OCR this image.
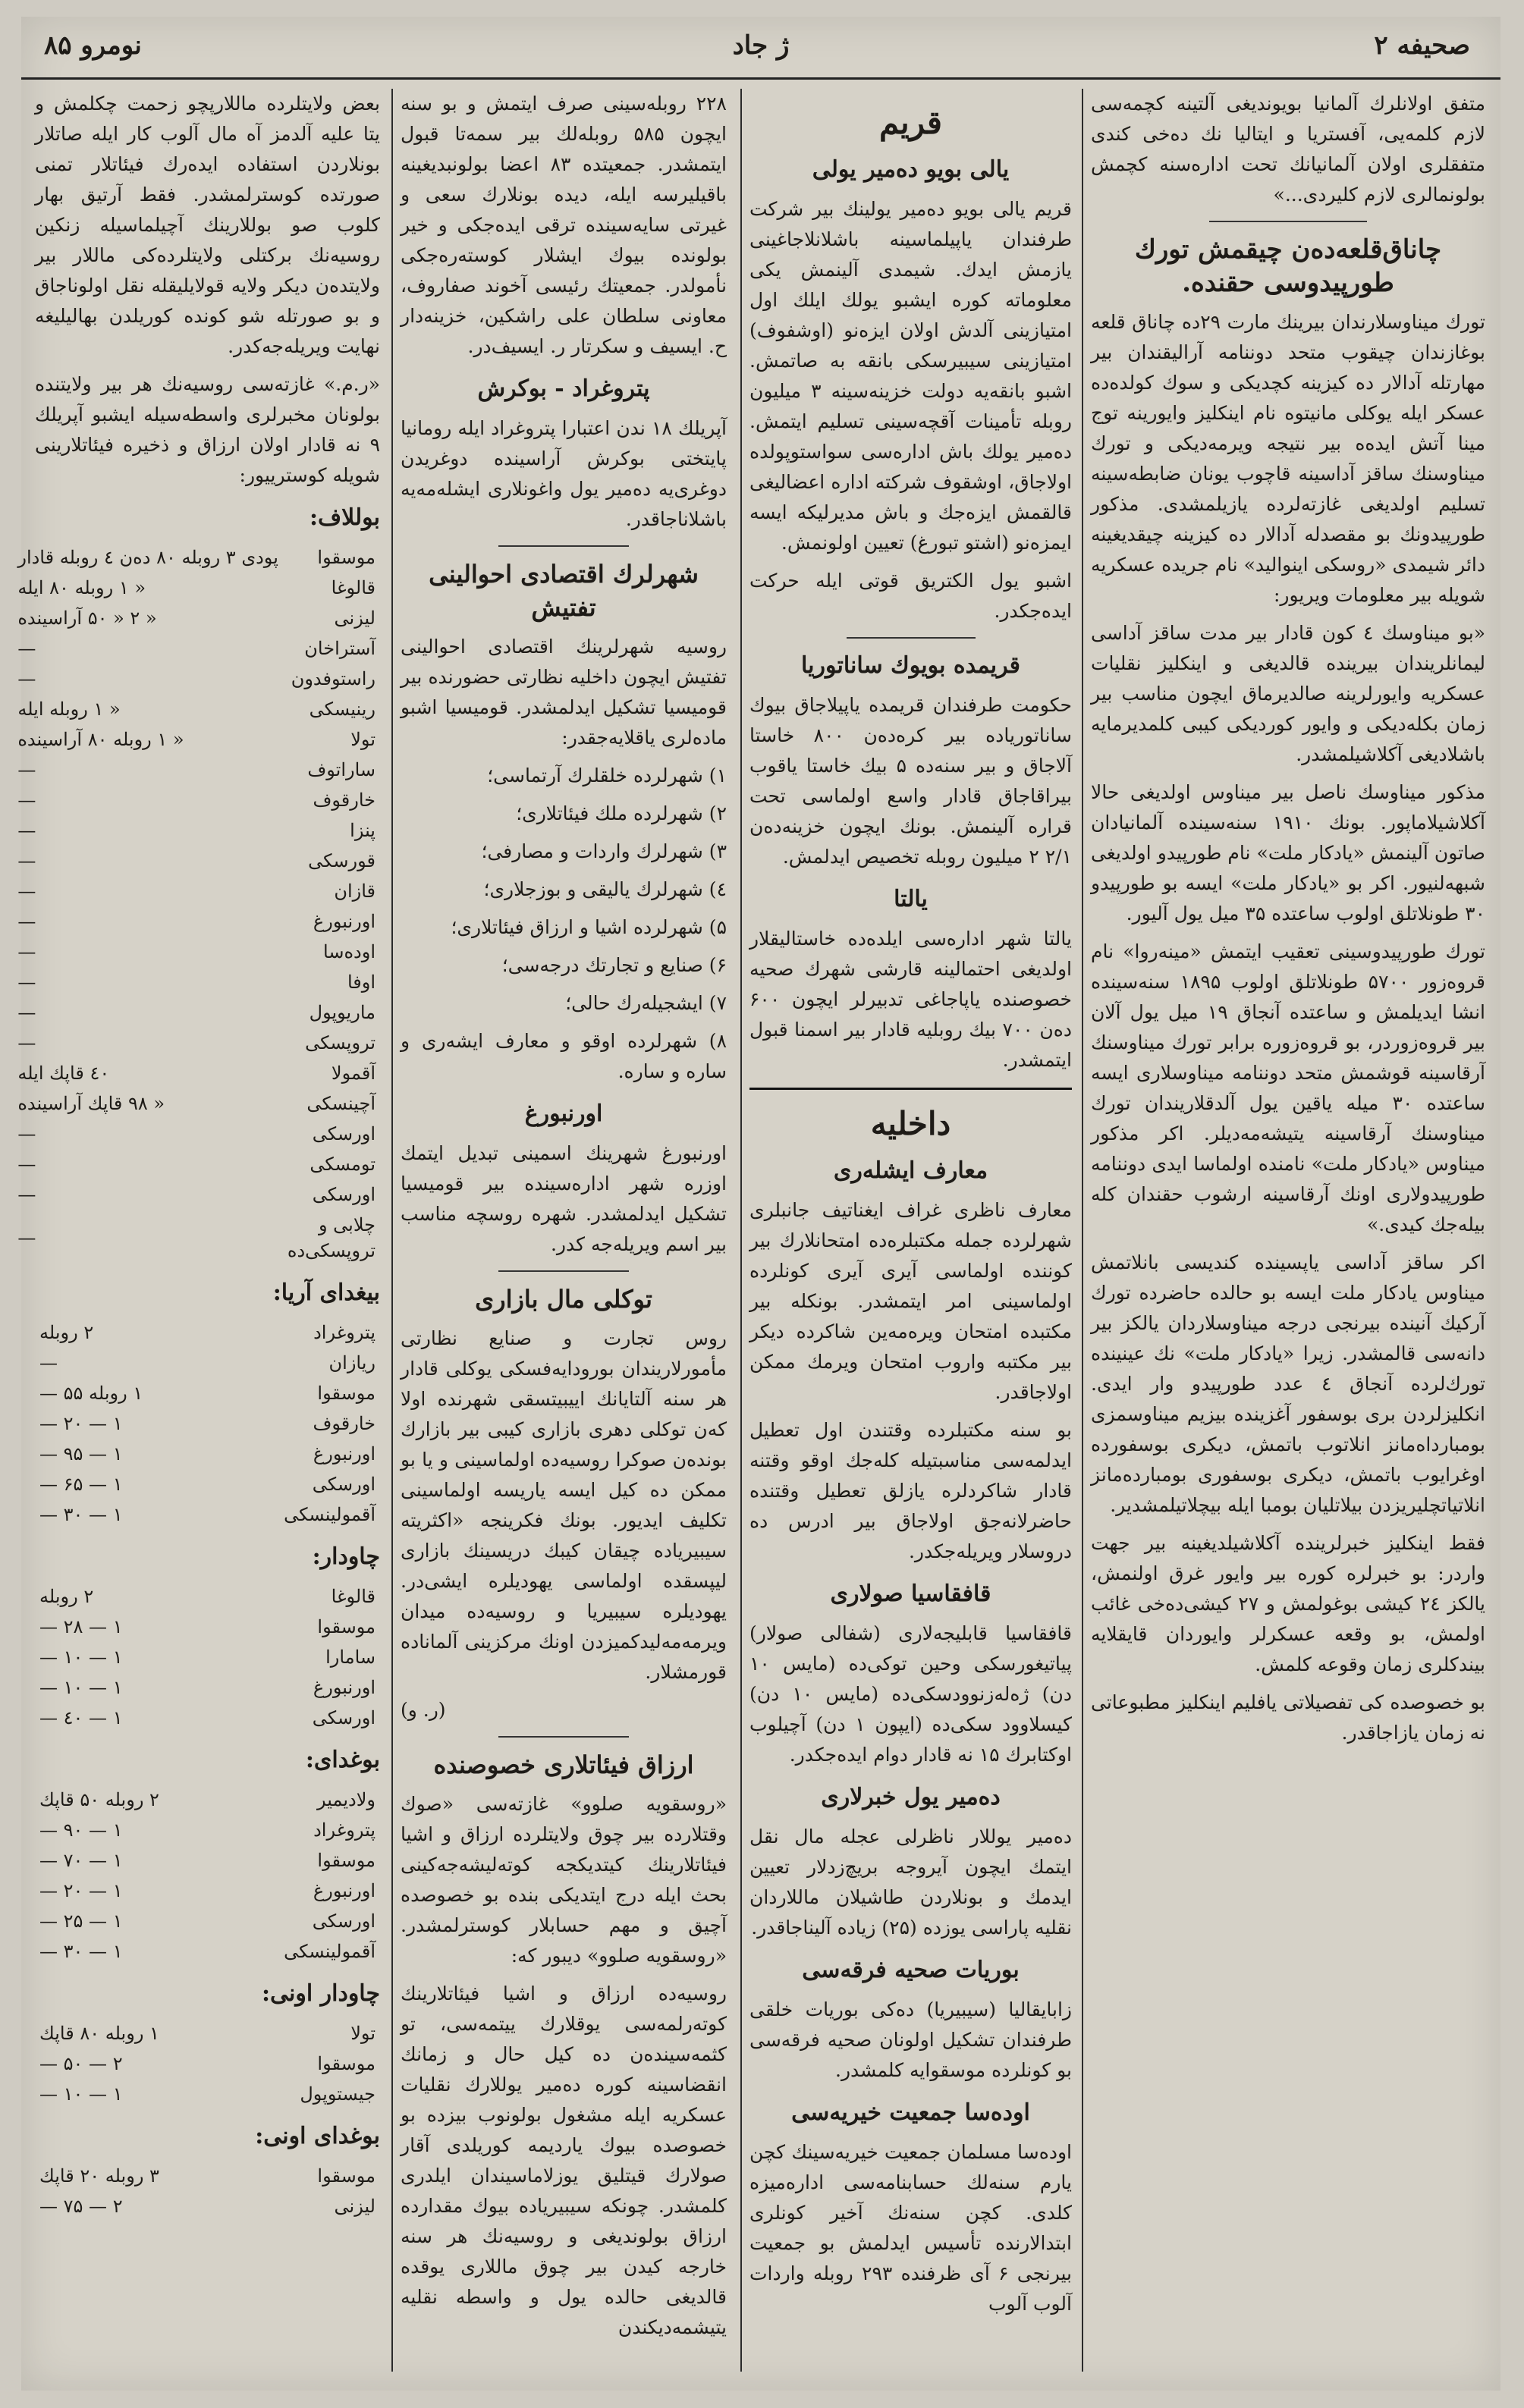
نومرو ۸۵	ژ جاد	صحیفه ۲

متفق اولانلرك آلمانیا بویوندیغی آلتینه كچمه‌سی لازم كلمه‌یی، آفستریا و ایتالیا نك ده‌خی كندی متفقلری اولان آلمانیانك تحت اداره‌سنه كچمش بولونمالری لازم كلیردی...»

چاناق‌قلعه‌ده‌ن چیقمش تورك طورپیدوسی حقنده.

تورك میناوسلارندان بیرینك مارت ۲۹ده چاناق قلعه بوغازندان چیقوب متحد دوننامه آرالیقندان بیر مهارتله آدالار ده كیزینه كچدیكی و سوك كولده‌ده عسكر ایله یوكلی مانیتوه نام اینكلیز وایورینه توج مینا آتش ایده‌ه بیر نتیجه ویرمه‌دیكی و تورك میناوسنك ساقز آداسینه قاچوب یونان ضابطه‌سینه تسلیم اولدیغی غازته‌لرده یازیلمشدی. مذكور طورپیدونك بو مقصدله آدالار ده كیزینه چیقدیغینه دائر شیمدی «روسكی اینوالید» نام جریده عسكریه شویله بیر معلومات ویریور:

«بو میناوسك ٤ كون قادار بیر مدت ساقز آداسی لیمانلریندان بیرینده قالدیغی و اینكلیز نقلیات عسكریه وایورلرینه صالدیرماق ایچون مناسب بیر زمان بكله‌دیكی و وایور كوردیكی كیبی كلمدیرمایه باشلادیغی آكلاشیلمشدر.

مذكور میناوسك ناصل بیر میناوس اولدیغی حالا آكلاشیلاماپور. بونك ۱۹۱۰ سنه‌سینده آلمانیادان صاتون آلینمش «یادكار ملت» نام طورپیدو اولدیغی شبهه‌لنیور. اكر بو «یادكار ملت» ایسه بو طورپیدو ۳۰ طونلاتلق اولوب ساعتده ۳۵ میل یول آلیور.

تورك طورپیدوسینی تعقیب ایتمش «مینه‌روا» نام قروه‌زور ۵۷۰۰ طونلاتلق اولوب ۱۸۹۵ سنه‌سینده انشا ایدیلمش و ساعتده آنجاق ۱۹ میل یول آلان بیر قروه‌زوردر، بو قروه‌زوره برابر تورك میناوسنك آرقاسینه قوشمش متحد دوننامه میناوسلاری ایسه ساعتده ۳۰ میله یاقین یول آلدقلاریندان تورك میناوسنك آرقاسینه یتیشه‌مه‌دیلر. اكر مذكور میناوس «یادكار ملت» نامنده اولماسا ایدی دوننامه طورپیدولاری اونك آرقاسینه ارشوب حقندان كله بیله‌جك كیدی.»

اكر ساقز آداسی یاپسینده كندیسی بانلاتمش میناوس یادكار ملت ایسه بو حالده حاضرده تورك آركیك آنینده بیرنجی درجه میناوسلاردان یالكز بیر دانه‌سی قالمشدر. زیرا «یادكار ملت» نك عینینده تورك‌لرده آنجاق ٤ عدد طورپیدو وار ایدی. انكلیزلردن بری بوسفور آغزینده بیزیم میناوسمزی بومبارداه‌مانز انلاتوب باتمش، دیكری بوسفورده اوغرایوب باتمش، دیكری بوسفوری بومبارده‌مانز انلاتیاتچلیریزدن بیلاتلیان بومبا ایله بیچلاتیلمشدیر.

فقط اینكلیز خبرلرینده آكلاشیلدیغینه بیر جهت واردر: بو خبرلره كوره بیر وایور غرق اولنمش، یالكز ۲٤ كیشی بوغولمش و ۲۷ كیشی‌ده‌خی غائب اولمش، بو وقعه عسكرلر وایوردان قایقلایه بیندكلری زمان وقوعه كلمش.

بو خصوصده كی تفصیلاتی یافلیم اینكلیز مطبوعاتی نه زمان یازاجاقدر.

قريم
یالی بویو ده‌میر یولی

قریم یالی بویو ده‌میر یولینك بیر شركت طرفندان یاپیلماسینه باشلانلاجاغینی یازمش ایدك. شیمدی آلینمش یكی معلوماته كوره ایشبو یولك ایلك اول امتیازینی آلدش اولان ایزه‌نو (اوشفوف) امتیازینی سیبیرسكی بانقه به صاتمش. اشبو بانقه‌یه دولت خزینه‌سینه ۳ میلیون روبله تأمینات آقچه‌سینی تسلیم ایتمش. ده‌میر یولك باش اداره‌سی سواستوپولده اولاجاق، اوشقوف شركته اداره اعضالیغی قالقمش ایزه‌جك و باش مدیرلیكه ایسه ایمزه‌نو (اشتو تبورغ) تعیین اولونمش.

اشبو یول الكتریق قوتی ایله حركت ایده‌جكدر.

قریمده بویوك ساناتوریا

حكومت طرفندان قریمده یاپیلاجاق بیوك ساناتوریاده بیر كره‌ده‌ن ۸۰۰ خاستا آلاجاق و بیر سنه‌ده ۵ بیك خاستا یاقوب بیراقاجاق قادار واسع اولماسی تحت قراره آلینمش. بونك ایچون خزینه‌ده‌ن ۲/۱ ۲ میلیون روبله تخصیص ایدلمش.

یالتا

یالتا شهر اداره‌سی ایلده‌ده خاستالیقلار اولدیغی احتمالینه قارشی شهرك صحیه خصوصنده یاپاجاغی تدبیرلر ایچون ۶۰۰ ده‌ن ۷۰۰ بیك روبلیه قادار بیر اسمنا قبول ایتمشدر.

داخليه
معارف ایشله‌ری

معارف ناظری غراف ایغناتیف جانبلری شهرلرده جمله مكتبلره‌ده امتحانلارك بیر كوننده اولماسی آیری آیری كونلرده اولماسینی امر ایتمشدر. بونكله بیر مكتبده امتحان ویره‌مه‌ین شاكرده دیكر بیر مكتبه واروب امتحان ویرمك ممكن اولاجاقدر.

بو سنه مكتبلرده وقتندن اول تعطیل ایدلمه‌سی مناسبتیله كله‌جك اوقو وقتنه قادار شاكردلره یازلق تعطیل وقتنده حاضرلانه‌جق اولاجاق بیر ادرس ده دروسلار ویریله‌جكدر.

قافقاسیا صولاری

قافقاسیا قابلیجه‌لاری (شفالی صولار) پیاتیغورسكی وحین توكی‌ده (مایس ۱۰ دن) ژه‌له‌زنوودسكی‌ده (مایس ۱۰ دن) كیسلاوود سكی‌ده (ایپون ۱ دن) آچیلوب اوكتابرك ۱۵ نه قادار دوام ایده‌جكدر.

ده‌میر یول خبرلاری

ده‌میر یوللار ناظرلی عجله مال نقل ایتمك ایچون آیروجه بریچ‌زدلار تعیین ایدمك و بونلاردن طاشیلان ماللاردان نقلیه پاراسی یوزده (۲۵) زیاده آلیناجاقدر.

بوریات صحیه فرقه‌سی

زابایقالیا (سیبیریا) ده‌كی بوریات خلقی طرفندان تشكیل اولونان صحیه فرقه‌سی بو كونلرده موسقوایه كلمشدر.

اوده‌سا جمعیت خیریه‌سی

اوده‌سا مسلمان جمعیت خیریه‌سینك كچن یارم سنه‌لك حسابنامه‌سی اداره‌میزه كلدی. كچن سنه‌نك آخیر كونلری ابتدالارنده تأسیس ایدلمش بو جمعیت بیرنجی ۶ آی ظرفنده ۲۹۳ روبله واردات آلوب آلوب

۲۲۸ روبله‌سینی صرف ایتمش و بو سنه ایچون ۵۸۵ روبله‌لك بیر سمه‌تا قبول ایتمشدر. جمعیتده ۸۳ اعضا بولونبدیغینه باقیلیرسه ایله، دیده بونلارك سعی و غیرتی سایه‌سینده ترقی ایده‌جكی و خیر بولونده بیوك ایشلار كوسته‌ره‌جكی نأمولدر. جمعیتك رئیسی آخوند صفاروف، معاونی سلطان علی راشكین، خزینه‌دار ح. ایسیف و سكرتار ر. ایسیف‌در.

پتروغراد - بوكرش

آپریلك ۱۸ ندن اعتبارا پتروغراد ایله رومانیا پایتختی بوكرش آراسینده دوغریدن دوغری‌یه ده‌میر یول واغونلاری ایشله‌مه‌یه باشلاناجاقدر.

شهرلرك اقتصادی احوالینی تفتیش

روسیه شهرلرینك اقتصادی احوالینی تفتیش ایچون داخلیه نظارتی حضورنده بیر قومیسیا تشكیل ایدلمشدر. قومیسیا اشبو ماده‌لری یاقلایه‌جقدر:

۱) شهرلرده خلقلرك آرتماسی؛

۲) شهرلرده ملك فیئاتلاری؛

۳) شهرلرك واردات و مصارفی؛

٤) شهرلرك یالیقی و بوزجلاری؛

۵) شهرلرده اشیا و ارزاق فیئاتلاری؛

۶) صنایع و تجارتك درجه‌سی؛

۷) ایشجیله‌رك حالی؛

۸) شهرلرده اوقو و معارف ایشه‌ری و ساره و ساره.

اورنبورغ

اورنبورغ شهرینك اسمینی تبدیل ایتمك اوزره شهر اداره‌سینده بیر قومیسیا تشكیل ایدلمشدر. شهره روسچه مناسب بیر اسم ویریله‌جه كدر.

توكلی مال بازاری

روس تجارت و صنایع نظارتی مأمورلاریندان بورودایه‌فسكی یوكلی قادار هر سنه آلتایانك اییبیتسقی شهرنده اولا كه‌ن توكلی دهری بازاری كیبی بیر بازارك بونده‌ن صوكرا روسیه‌ده اولماسینی و یا بو ممكن ده كیل ایسه یاریسه اولماسینی تكلیف ایدیور. بونك فكرینجه «اكثریته سیبیریاده چیقان كیبك دریسینك بازاری لیپسقده اولماسی یهودیلره ایشی‌در. یهودیلره سیبیریا و روسیه‌ده میدان ویرمه‌مه‌لیدكمیزدن اونك مركزینی آلماناده قورمشلار.

(ر. و)

ارزاق فیئاتلاری خصوصنده

«روسقویه صلوو» غازته‌سی «صوك وقتلارده بیر چوق ولایتلرده ارزاق و اشیا فیئاتلارینك كیتدیكجه كوته‌لیشه‌جه‌كینی بحث ایله درج ایتدیكی بنده بو خصوصده آچیق و مهم حسابلار كوسترلمشدر. «روسقویه صلوو» دیبور كه:

روسیه‌ده ارزاق و اشیا فیئاتلارینك كوته‌رلمه‌سی یوقلارك ییتمه‌سی، تو كثمه‌سینده‌ن ده كیل حال و زمانك انقضاسینه كوره ده‌میر یوللارك نقلیات عسكریه ایله مشغول بولونوب بیزده بو خصوصده بیوك یاردیمه كوریلدی آقار صولارك قیتلیق یوزلاماسیندان ایلدری كلمشدر. چونكه سیبیریاده بیوك مقدارده ارزاق بولوندیغی و روسیه‌نك هر سنه خارجه كیدن بیر چوق ماللاری یوقده قالدیغی حالده یول و واسطه نقلیه یتیشمه‌دیكندن

بعض ولایتلرده ماللارپچو زحمت چكلمش و یتا علیه‌ آلدمز آه مال آلوب كار ایله صاتلار بونلاردن استفاده ایده‌رك فیئاتلار تمنی صورتده كوسترلمشدر. فقط آرتیق بهار كلوب صو بوللارینك آچیلماسیله زنكین روسیه‌نك بركتلی ولایتلرده‌كی ماللار بیر ولایتده‌ن دیكر ولایه قولایلیقله نقل اولوناجاق و بو صورتله شو كونده كوریلدن بهالیلیغه نهایت ویریله‌جه‌كدر.

«ر.م.» غازته‌سی روسیه‌نك هر بیر ولایتنده بولونان مخبرلری واسطه‌سیله ایشبو آپریلك ۹ نه قادار اولان ارزاق و ذخیره فیئاتلارینی شویله كوسترییور:

بوللاف:
موسقوا	پودی ۳ روبله ۸۰ ده‌ن ٤ روبله قادار
قالوغا	« ۱ روبله ۸۰ ایله
لیزنی	« ۲ « ۵۰ آراسینده
آستراخان	—
راستوفدون	—
رینیسكی	« ۱ روبله ایله
تولا	« ۱ روبله ۸۰ آراسینده
ساراتوف	—
خارقوف	—
پنزا	—
قورسكی	—
قازان	—
اورنبورغ	—
اوده‌سا	—
اوفا	—
ماریوپول	—
تروپسكی	—
آقمولا	٤۰ قاپك ایله
آچینسكی	« ۹۸ قاپك آراسینده
اورسكی	—
تومسكی	—
اورسكی	—
چلابی و تروپسكی‌ده	—
بیغدای آریا:
پتروغراد	۲ روبله
ریازان	—
موسقوا	۱ روبله ۵۵ —
خارقوف	۱ — ۲۰ —
اورنبورغ	۱ — ۹۵ —
اورسكی	۱ — ۶۵ —
آقمولینسكی	۱ — ۳۰ —
چاودار:
قالوغا	۲ روبله
موسقوا	۱ — ۲۸ —
سامارا	۱ — ۱۰ —
اورنبورغ	۱ — ۱۰ —
اورسكی	۱ — ٤۰ —
بوغدای:
ولادیمیر	۲ روبله ۵۰ قاپك
پتروغراد	۱ — ۹۰ —
موسقوا	۱ — ۷۰ —
اورنبورغ	۱ — ۲۰ —
اورسكی	۱ — ۲۵ —
آقمولینسكی	۱ — ۳۰ —
چاودار اونی:
تولا	۱ روبله ۸۰ قاپك
موسقوا	۲ — ۵۰ —
جیستوپول	۱ — ۱۰ —
بوغدای اونی:
موسقوا	۳ روبله ۲۰ قاپك
لیزنی	۲ — ۷۵ —
